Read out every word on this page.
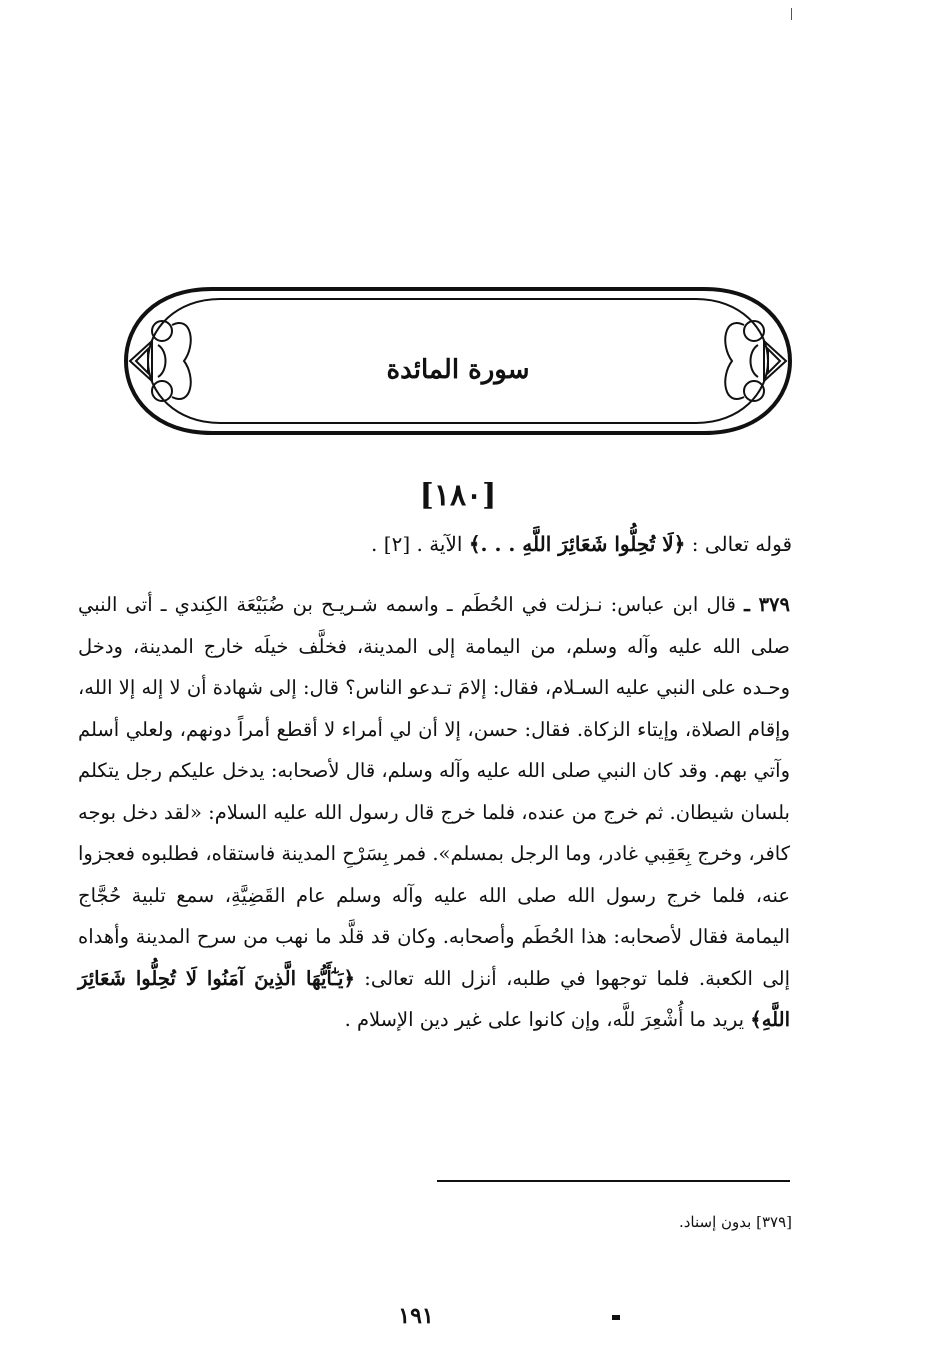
سورة المائدة
[١٨٠]
قوله تعالى : ﴿لَا تُحِلُّوا شَعَائِرَ اللَّهِ . . .﴾ الآية . [٢] .
٣٧٩ ـ قال ابن عباس: نـزلت في الحُطَم ـ واسمه شـريـح بن ضُبَيْعَة الكِندي ـ أتى النبي صلى الله عليه وآله وسلم، من اليمامة إلى المدينة، فخلَّف خيلَه خارج المدينة، ودخل وحـده على النبي عليه السـلام، فقال: إلامَ تـدعو الناس؟ قال: إلى شهادة أن لا إله إلا الله، وإقام الصلاة، وإيتاء الزكاة. فقال: حسن، إلا أن لي أمراء لا أقطع أمراً دونهم، ولعلي أسلم وآتي بهم. وقد كان النبي صلى الله عليه وآله وسلم، قال لأصحابه: يدخل عليكم رجل يتكلم بلسان شيطان. ثم خرج من عنده، فلما خرج قال رسول الله عليه السلام: «لقد دخل بوجه كافر، وخرج بِعَقِبي غادر، وما الرجل بمسلم». فمر بِسَرْحِ المدينة فاستقاه، فطلبوه فعجزوا عنه، فلما خرج رسول الله صلى الله عليه وآله وسلم عام القَضِيَّةِ، سمع تلبية حُجَّاج اليمامة فقال لأصحابه: هذا الحُطَم وأصحابه. وكان قد قلَّد ما نهب من سرح المدينة وأهداه إلى الكعبة. فلما توجهوا في طلبه، أنزل الله تعالى: ﴿يَـٰٓأَيُّهَا الَّذِينَ آمَنُوا لَا تُحِلُّوا شَعَائِرَ اللَّهِ﴾ يريد ما أُشْعِرَ للَّه، وإن كانوا على غير دين الإسلام .
[٣٧٩] بدون إسناد.
١٩١
